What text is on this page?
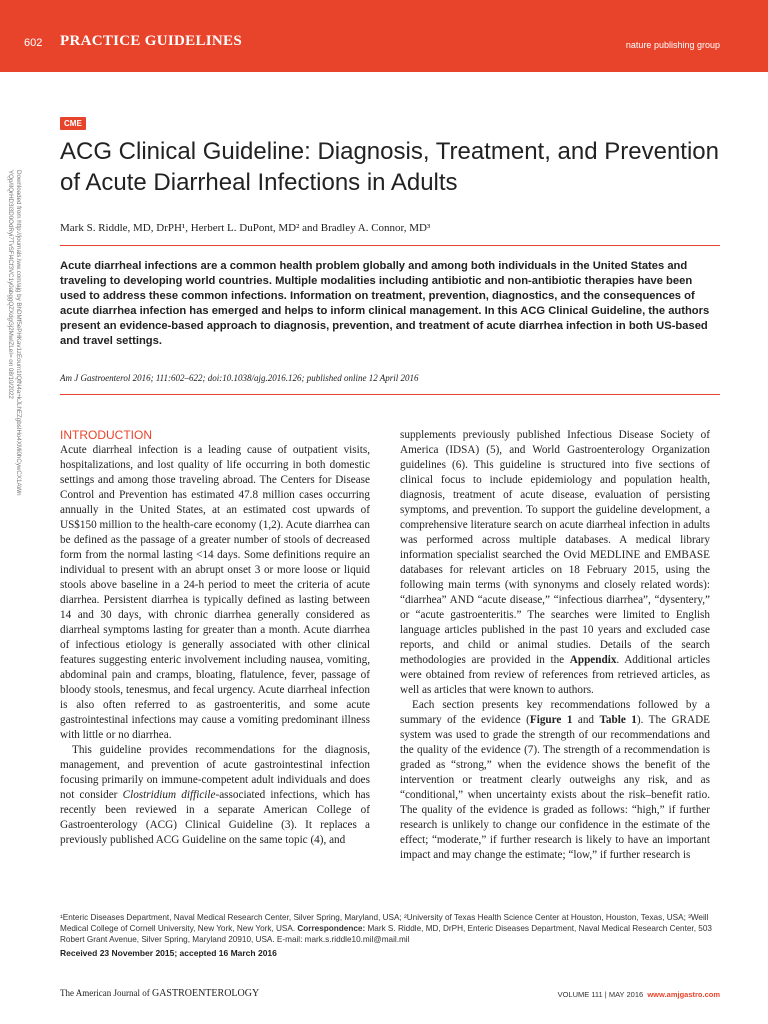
602 PRACTICE GUIDELINES	nature publishing group
Downloaded from http://journals.lww.com/ajg by BhDMf5ePHKav1zEoum1tQfN4a+kJLhEZgbsIHo4XMi0hCywCX1AWn
YQp/IlQrHD3i3D0OdRyi7TvSFl4Cf3VC1y0abggQZXdgGj2MwlZLeI= on 08/10/2022
CME
ACG Clinical Guideline: Diagnosis, Treatment, and Prevention of Acute Diarrheal Infections in Adults
Mark S. Riddle, MD, DrPH¹, Herbert L. DuPont, MD² and Bradley A. Connor, MD³

Acute diarrheal infections are a common health problem globally and among both individuals in the United States and traveling to developing world countries. Multiple modalities including antibiotic and non-antibiotic therapies have been used to address these common infections. Information on treatment, prevention, diagnostics, and the consequences of acute diarrhea infection has emerged and helps to inform clinical management. In this ACG Clinical Guideline, the authors present an evidence-based approach to diagnosis, prevention, and treatment of acute diarrhea infection in both US-based and travel settings.

Am J Gastroenterol 2016; 111:602–622; doi:10.1038/ajg.2016.126; published online 12 April 2016
INTRODUCTION

Acute diarrheal infection is a leading cause of outpatient visits, hospitalizations, and lost quality of life occurring in both domestic settings and among those traveling abroad. The Centers for Disease Control and Prevention has estimated 47.8 million cases occurring annually in the United States, at an estimated cost upwards of US$150 million to the health-care economy (1,2). Acute diarrhea can be defined as the passage of a greater number of stools of decreased form from the normal lasting <14 days. Some definitions require an individual to present with an abrupt onset 3 or more loose or liquid stools above baseline in a 24-h period to meet the criteria of acute diarrhea. Persistent diarrhea is typically defined as lasting between 14 and 30 days, with chronic diarrhea generally considered as diarrheal symptoms lasting for greater than a month. Acute diarrhea of infectious etiology is generally associated with other clinical features suggesting enteric involvement including nausea, vomiting, abdominal pain and cramps, bloating, flatulence, fever, passage of bloody stools, tenesmus, and fecal urgency. Acute diarrheal infection is also often referred to as gastroenteritis, and some acute gastrointestinal infections may cause a vomiting predominant illness with little or no diarrhea.

This guideline provides recommendations for the diagnosis, management, and prevention of acute gastrointestinal infection focusing primarily on immune-competent adult individuals and does not consider Clostridium difficile-associated infections, which has recently been reviewed in a separate American College of Gastroenterology (ACG) Clinical Guideline (3). It replaces a previously published ACG Guideline on the same topic (4), and

supplements previously published Infectious Disease Society of America (IDSA) (5), and World Gastroenterology Organization guidelines (6). This guideline is structured into five sections of clinical focus to include epidemiology and population health, diagnosis, treatment of acute disease, evaluation of persisting symptoms, and prevention. To support the guideline development, a comprehensive literature search on acute diarrheal infection in adults was performed across multiple databases. A medical library information specialist searched the Ovid MEDLINE and EMBASE databases for relevant articles on 18 February 2015, using the following main terms (with synonyms and closely related words): “diarrhea” AND “acute disease,” “infectious diarrhea”, “dysentery,” or “acute gastroenteritis.” The searches were limited to English language articles published in the past 10 years and excluded case reports, and child or animal studies. Details of the search methodologies are provided in the Appendix. Additional articles were obtained from review of references from retrieved articles, as well as articles that were known to authors.

Each section presents key recommendations followed by a summary of the evidence (Figure 1 and Table 1). The GRADE system was used to grade the strength of our recommendations and the quality of the evidence (7). The strength of a recommendation is graded as “strong,” when the evidence shows the benefit of the intervention or treatment clearly outweighs any risk, and as “conditional,” when uncertainty exists about the risk–benefit ratio. The quality of the evidence is graded as follows: “high,” if further research is unlikely to change our confidence in the estimate of the effect; “moderate,” if further research is likely to have an important impact and may change the estimate; “low,” if further research is

¹Enteric Diseases Department, Naval Medical Research Center, Silver Spring, Maryland, USA; ²University of Texas Health Science Center at Houston, Houston, Texas, USA; ³Weill Medical College of Cornell University, New York, New York, USA. Correspondence: Mark S. Riddle, MD, DrPH, Enteric Diseases Department, Naval Medical Research Center, 503 Robert Grant Avenue, Silver Spring, Maryland 20910, USA. E-mail: mark.s.riddle10.mil@mail.mil

Received 23 November 2015; accepted 16 March 2016
The American Journal of GASTROENTEROLOGY	VOLUME 111 | MAY 2016 www.amjgastro.com
